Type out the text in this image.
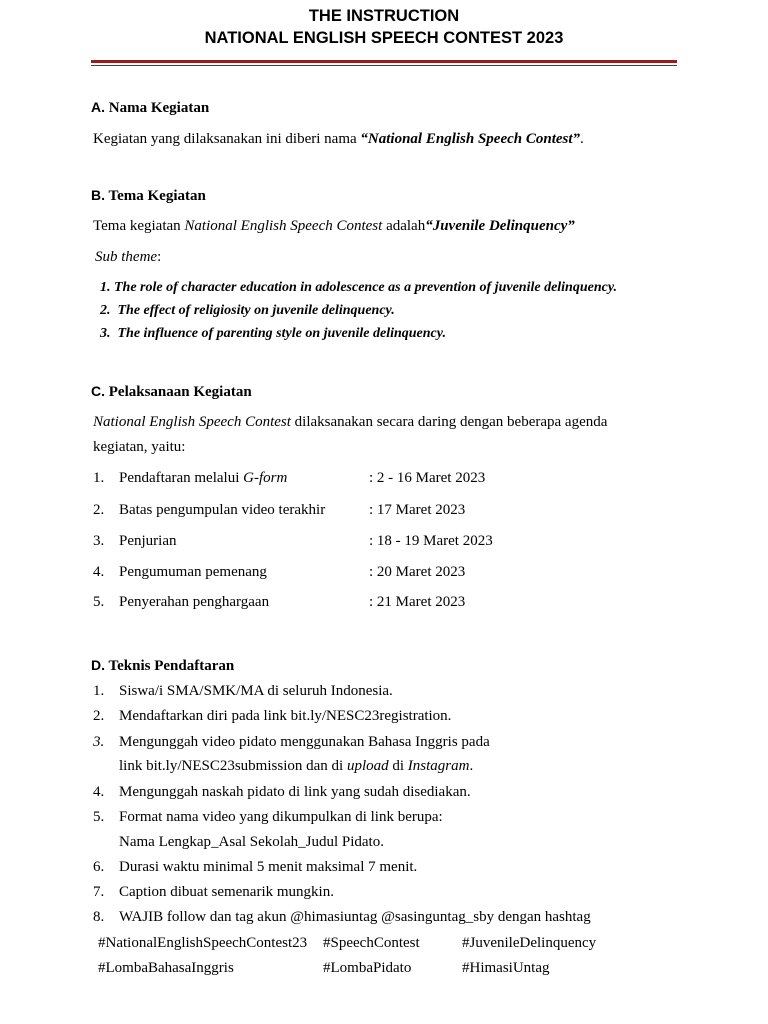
THE INSTRUCTION
NATIONAL ENGLISH SPEECH CONTEST 2023
A. Nama Kegiatan
Kegiatan yang dilaksanakan ini diberi nama “National English Speech Contest”.
B. Tema Kegiatan
Tema kegiatan National English Speech Contest adalah“Juvenile Delinquency”
Sub theme:
1. The role of character education in adolescence as a prevention of juvenile delinquency.
2. The effect of religiosity on juvenile delinquency.
3. The influence of parenting style on juvenile delinquency.
C. Pelaksanaan Kegiatan
National English Speech Contest dilaksanakan secara daring dengan beberapa agenda
kegiatan, yaitu:
1. Pendaftaran melalui G-form	: 2 - 16 Maret 2023
2. Batas pengumpulan video terakhir	: 17 Maret 2023
3. Penjurian	: 18 - 19 Maret 2023
4. Pengumuman pemenang	: 20 Maret 2023
5. Penyerahan penghargaan	: 21 Maret 2023
D. Teknis Pendaftaran
1. Siswa/i SMA/SMK/MA di seluruh Indonesia.
2. Mendaftarkan diri pada link bit.ly/NESC23registration.
3. Mengunggah video pidato menggunakan Bahasa Inggris pada
link bit.ly/NESC23submission dan di upload di Instagram.
4. Mengunggah naskah pidato di link yang sudah disediakan.
5. Format nama video yang dikumpulkan di link berupa:
Nama Lengkap_Asal Sekolah_Judul Pidato.
6. Durasi waktu minimal 5 menit maksimal 7 menit.
7. Caption dibuat semenarik mungkin.
8. WAJIB follow dan tag akun @himasiuntag @sasinguntag_sby dengan hashtag
#NationalEnglishSpeechContest23 #SpeechContest	#JuvenileDelinquency
#LombaBahasaInggris	#LombaPidato	#HimasiUntag
